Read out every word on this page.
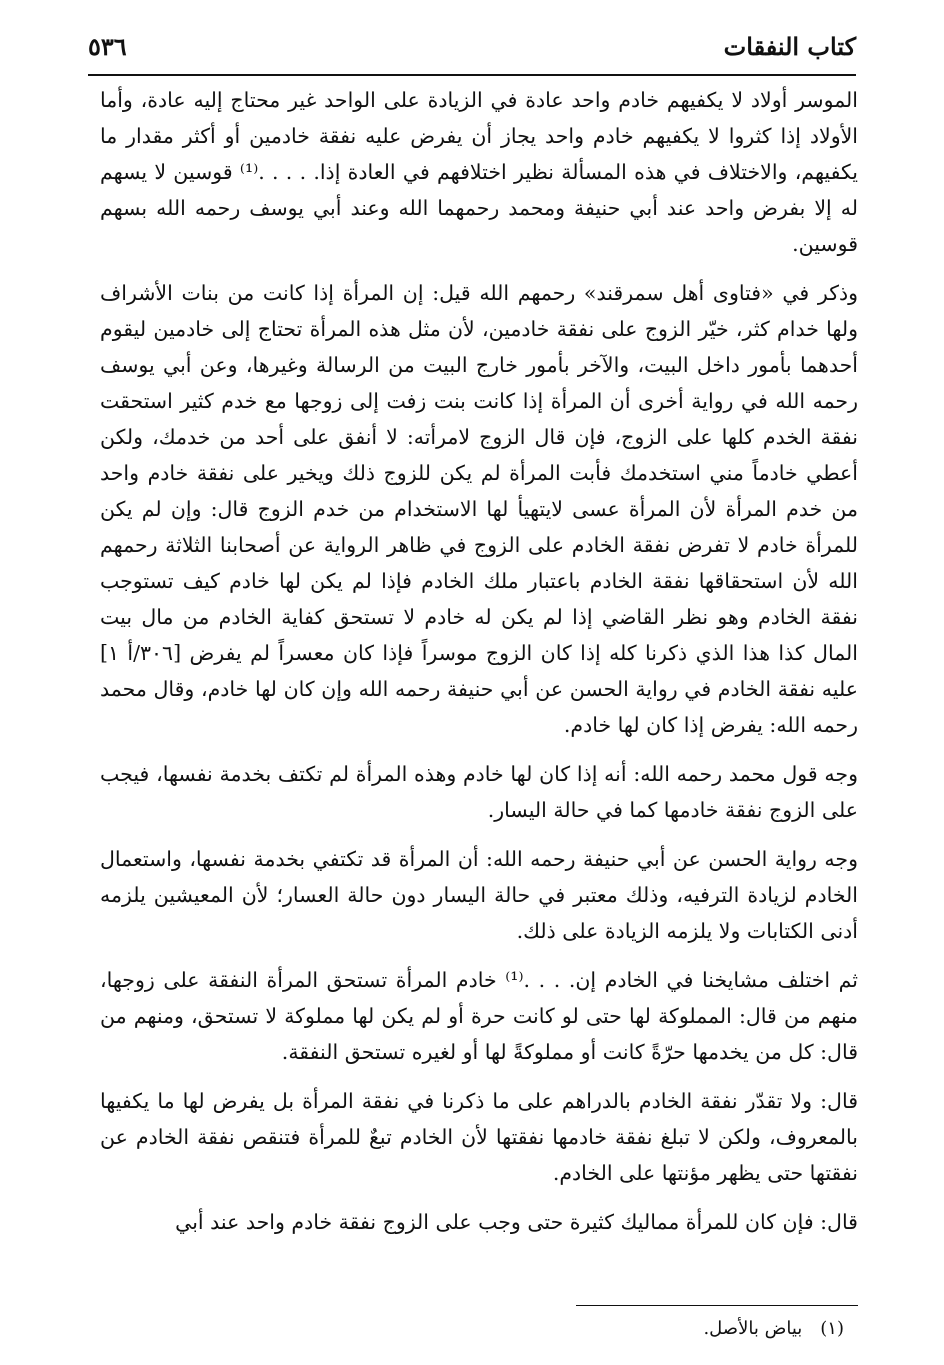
كتاب النفقات
٥٣٦

الموسر أولاد لا يكفيهم خادم واحد عادة في الزيادة على الواحد غير محتاج إليه عادة، وأما الأولاد إذا كثروا لا يكفيهم خادم واحد يجاز أن يفرض عليه نفقة خادمين أو أكثر مقدار ما يكفيهم، والاختلاف في هذه المسألة نظير اختلافهم في العادة إذا. . . . .⁽¹⁾ قوسين لا يسهم له إلا بفرض واحد عند أبي حنيفة ومحمد رحمهما الله وعند أبي يوسف رحمه الله بسهم قوسين.

وذكر في «فتاوى أهل سمرقند» رحمهم الله قيل: إن المرأة إذا كانت من بنات الأشراف ولها خدام كثر، خيّر الزوج على نفقة خادمين، لأن مثل هذه المرأة تحتاج إلى خادمين ليقوم أحدهما بأمور داخل البيت، والآخر بأمور خارج البيت من الرسالة وغيرها، وعن أبي يوسف رحمه الله في رواية أخرى أن المرأة إذا كانت بنت زفت إلى زوجها مع خدم كثير استحقت نفقة الخدم كلها على الزوج، فإن قال الزوج لامرأته: لا أنفق على أحد من خدمك، ولكن أعطي خادماً مني استخدمك فأبت المرأة لم يكن للزوج ذلك ويخير على نفقة خادم واحد من خدم المرأة لأن المرأة عسى لايتهيأ لها الاستخدام من خدم الزوج قال: وإن لم يكن للمرأة خادم لا تفرض نفقة الخادم على الزوج في ظاهر الرواية عن أصحابنا الثلاثة رحمهم الله لأن استحقاقها نفقة الخادم باعتبار ملك الخادم فإذا لم يكن لها خادم كيف تستوجب نفقة الخادم وهو نظر القاضي إذا لم يكن له خادم لا تستحق كفاية الخادم من مال بيت المال كذا هذا الذي ذكرنا كله إذا كان الزوج موسراً فإذا كان معسراً لم يفرض [٣٠٦/أ ١] عليه نفقة الخادم في رواية الحسن عن أبي حنيفة رحمه الله وإن كان لها خادم، وقال محمد رحمه الله: يفرض إذا كان لها خادم.

وجه قول محمد رحمه الله: أنه إذا كان لها خادم وهذه المرأة لم تكتف بخدمة نفسها، فيجب على الزوج نفقة خادمها كما في حالة اليسار.

وجه رواية الحسن عن أبي حنيفة رحمه الله: أن المرأة قد تكتفي بخدمة نفسها، واستعمال الخادم لزيادة الترفيه، وذلك معتبر في حالة اليسار دون حالة العسار؛ لأن المعيشين يلزمه أدنى الكتابات ولا يلزمه الزيادة على ذلك.

ثم اختلف مشايخنا في الخادم إن. . . .⁽¹⁾ خادم المرأة تستحق المرأة النفقة على زوجها، منهم من قال: المملوكة لها حتى لو كانت حرة أو لم يكن لها مملوكة لا تستحق، ومنهم من قال: كل من يخدمها حرّةً كانت أو مملوكةً لها أو لغيره تستحق النفقة.

قال: ولا تقدّر نفقة الخادم بالدراهم على ما ذكرنا في نفقة المرأة بل يفرض لها ما يكفيها بالمعروف، ولكن لا تبلغ نفقة خادمها نفقتها لأن الخادم تبعٌ للمرأة فتنقص نفقة الخادم عن نفقتها حتى يظهر مؤنتها على الخادم.

قال: فإن كان للمرأة مماليك كثيرة حتى وجب على الزوج نفقة خادم واحد عند أبي

(١)بياض بالأصل.
